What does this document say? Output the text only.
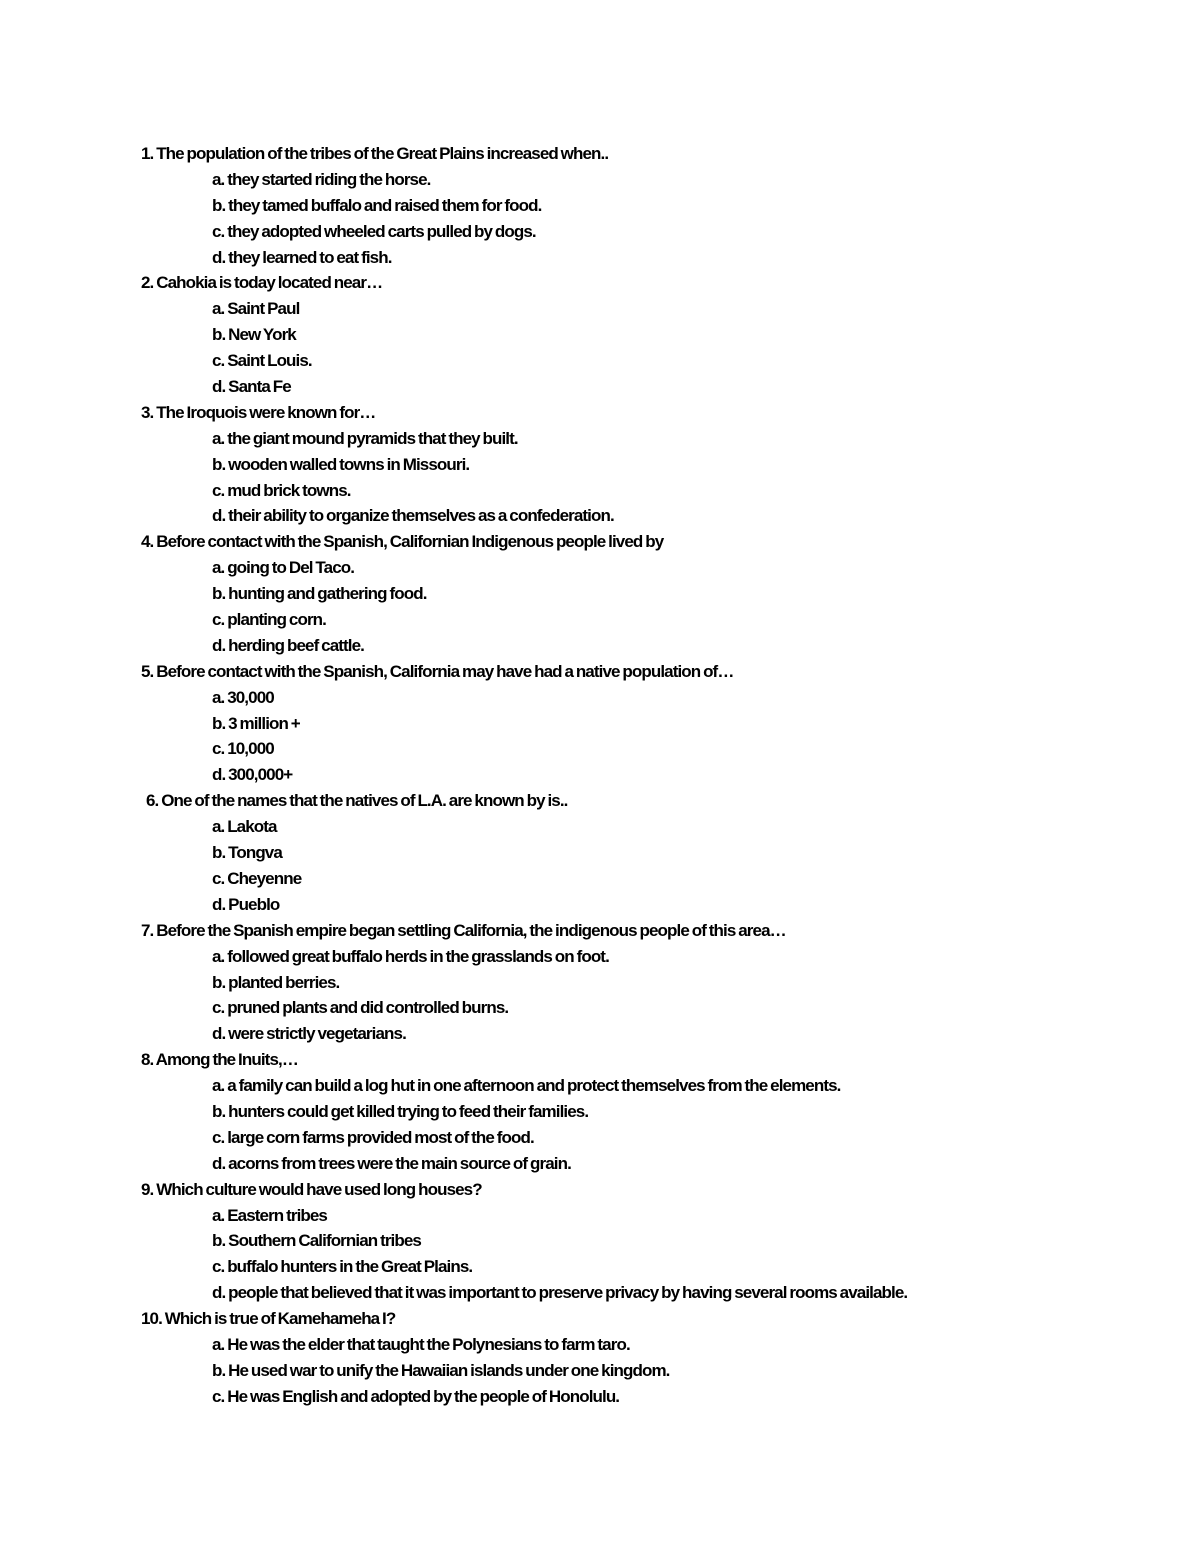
1. The population of the tribes of the Great Plains increased when..
a. they started riding the horse.
b. they tamed buffalo and raised them for food.
c. they adopted wheeled carts pulled by dogs.
d. they learned to eat fish.
2. Cahokia is today located near…
a. Saint Paul
b. New York
c. Saint Louis.
d. Santa Fe
3. The Iroquois were known for…
a. the giant mound pyramids that they built.
b. wooden walled towns in Missouri.
c. mud brick towns.
d. their ability to organize themselves as a confederation.
4. Before contact with the Spanish, Californian Indigenous people lived by
a. going to Del Taco.
b. hunting and gathering food.
c. planting corn.
d. herding beef cattle.
5. Before contact with the Spanish, California may have had a native population of…
a. 30,000
b. 3 million +
c. 10,000
d. 300,000+
6. One of the names that the natives of L.A. are known by is..
a. Lakota
b. Tongva
c. Cheyenne
d. Pueblo
7. Before the Spanish empire began settling California, the indigenous people of this area…
a. followed great buffalo herds in the grasslands on foot.
b. planted berries.
c. pruned plants and did controlled burns.
d. were strictly vegetarians.
8. Among the Inuits,…
a. a family can build a log hut in one afternoon and protect themselves from the elements.
b. hunters could get killed trying to feed their families.
c. large corn farms provided most of the food.
d. acorns from trees were the main source of grain.
9. Which culture would have used long houses?
a. Eastern tribes
b. Southern Californian tribes
c. buffalo hunters in the Great Plains.
d. people that believed that it was important to preserve privacy by having several rooms available.
10. Which is true of Kamehameha I?
a. He was the elder that taught the Polynesians to farm taro.
b. He used war to unify the Hawaiian islands under one kingdom.
c. He was English and adopted by the people of Honolulu.
